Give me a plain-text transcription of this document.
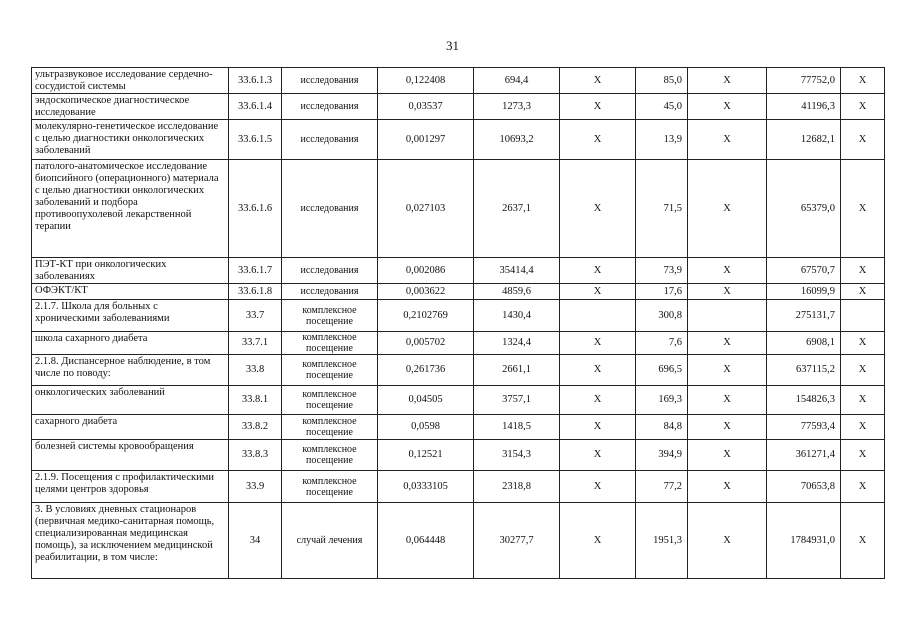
31
ультразвуковое исследование сердечно-сосудистой системы	33.6.1.3	исследования	0,122408	694,4	X	85,0	X	77752,0	X
эндоскопическое диагностическое исследование	33.6.1.4	исследования	0,03537	1273,3	X	45,0	X	41196,3	X
молекулярно-генетическое исследование с целью диагностики онкологических заболеваний	33.6.1.5	исследования	0,001297	10693,2	X	13,9	X	12682,1	X
патолого-анатомическое исследование биопсийного (операционного) материала с целью диагностики онкологических заболеваний и подбора противоопухолевой лекарственной терапии	33.6.1.6	исследования	0,027103	2637,1	X	71,5	X	65379,0	X
ПЭТ-КТ при онкологических заболеваниях	33.6.1.7	исследования	0,002086	35414,4	X	73,9	X	67570,7	X
ОФЭКТ/КТ	33.6.1.8	исследования	0,003622	4859,6	X	17,6	X	16099,9	X
2.1.7. Школа для больных с хроническими заболеваниями	33.7	комплексное посещение	0,2102769	1430,4		300,8		275131,7	
школа сахарного диабета	33.7.1	комплексное посещение	0,005702	1324,4	X	7,6	X	6908,1	X
2.1.8. Диспансерное наблюдение, в том числе по поводу:	33.8	комплексное посещение	0,261736	2661,1	X	696,5	X	637115,2	X
онкологических заболеваний	33.8.1	комплексное посещение	0,04505	3757,1	X	169,3	X	154826,3	X
сахарного диабета	33.8.2	комплексное посещение	0,0598	1418,5	X	84,8	X	77593,4	X
болезней системы кровообращения	33.8.3	комплексное посещение	0,12521	3154,3	X	394,9	X	361271,4	X
2.1.9. Посещения с профилактическими целями центров здоровья	33.9	комплексное посещение	0,0333105	2318,8	X	77,2	X	70653,8	X
3. В условиях дневных стационаров (первичная медико-санитарная помощь, специализированная медицинская помощь), за исключением медицинской реабилитации, в том числе:	34	случай лечения	0,064448	30277,7	X	1951,3	X	1784931,0	X
